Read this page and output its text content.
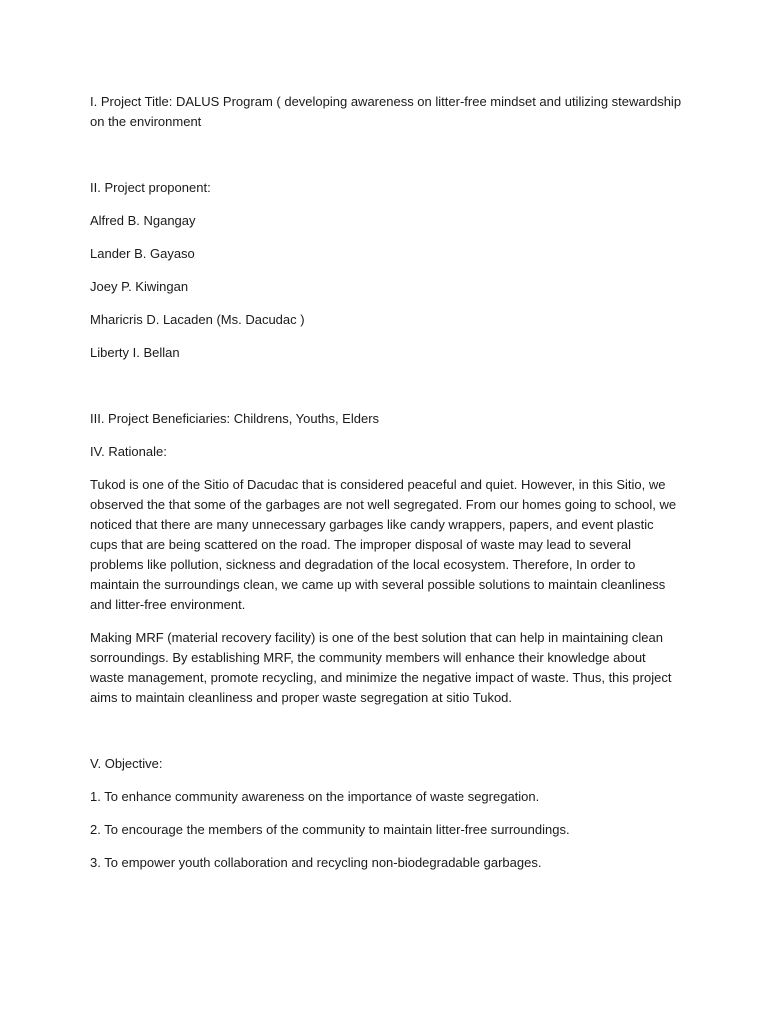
I. Project Title: DALUS Program ( developing awareness on litter-free mindset and utilizing stewardship

on the environment

II. Project proponent:

Alfred B. Ngangay

Lander B. Gayaso

Joey P. Kiwingan

Mharicris D. Lacaden (Ms. Dacudac )

Liberty I. Bellan

III. Project Beneficiaries: Childrens, Youths, Elders

IV. Rationale:

Tukod is one of the Sitio of Dacudac that is considered peaceful and quiet. However, in this Sitio, we observed the that some of the garbages are not well segregated. From our homes going to school, we noticed that there are many unnecessary garbages like candy wrappers, papers, and event plastic cups that are being scattered on the road. The improper disposal of waste may lead to several problems like pollution, sickness and degradation of the local ecosystem. Therefore, In order to maintain the surroundings clean, we came up with several possible solutions to maintain cleanliness and litter-free environment.

Making MRF (material recovery facility) is one of the best solution that can help in maintaining clean sorroundings. By establishing MRF, the community members will enhance their knowledge about waste management, promote recycling, and minimize the negative impact of waste. Thus, this project aims to maintain cleanliness and proper waste segregation at sitio Tukod.

V. Objective:

1. To enhance community awareness on the importance of waste segregation.

2. To encourage the members of the community to maintain litter-free surroundings.

3. To empower youth collaboration and recycling non-biodegradable garbages.
